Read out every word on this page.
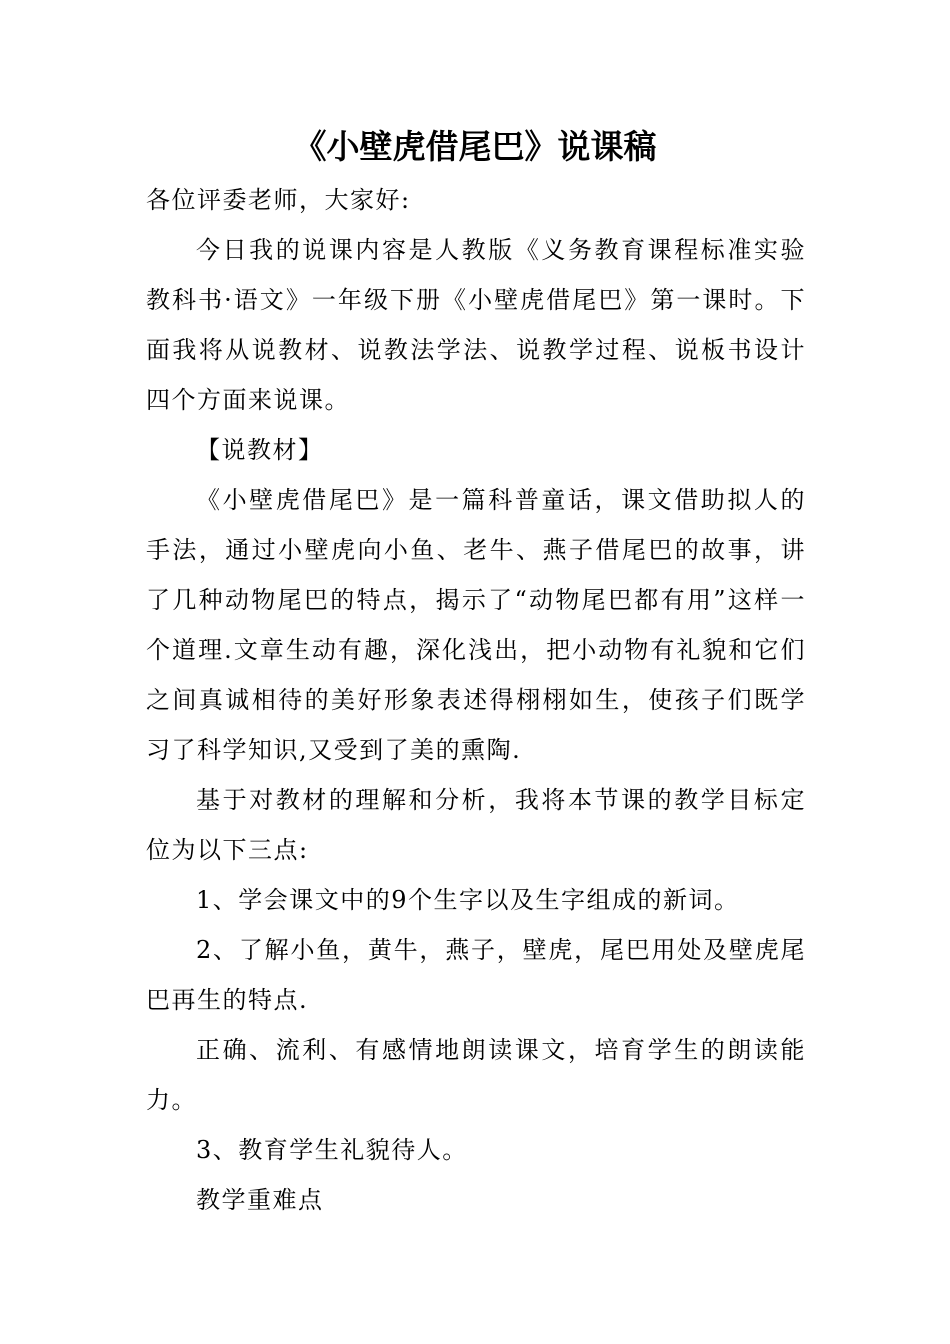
《小壁虎借尾巴》说课稿

各位评委老师，大家好:

今日我的说课内容是人教版《义务教育课程标准实验教科书·语文》一年级下册《小壁虎借尾巴》第一课时。下面我将从说教材、说教法学法、说教学过程、说板书设计四个方面来说课。

【说教材】

《小壁虎借尾巴》是一篇科普童话，课文借助拟人的手法，通过小壁虎向小鱼、老牛、燕子借尾巴的故事，讲了几种动物尾巴的特点，揭示了“动物尾巴都有用”这样一个道理.文章生动有趣，深化浅出，把小动物有礼貌和它们之间真诚相待的美好形象表述得栩栩如生，使孩子们既学习了科学知识,又受到了美的熏陶.

基于对教材的理解和分析，我将本节课的教学目标定位为以下三点:

1、学会课文中的9个生字以及生字组成的新词。

2、了解小鱼，黄牛，燕子，壁虎，尾巴用处及壁虎尾巴再生的特点.

正确、流利、有感情地朗读课文，培育学生的朗读能力。

3、教育学生礼貌待人。

教学重难点
